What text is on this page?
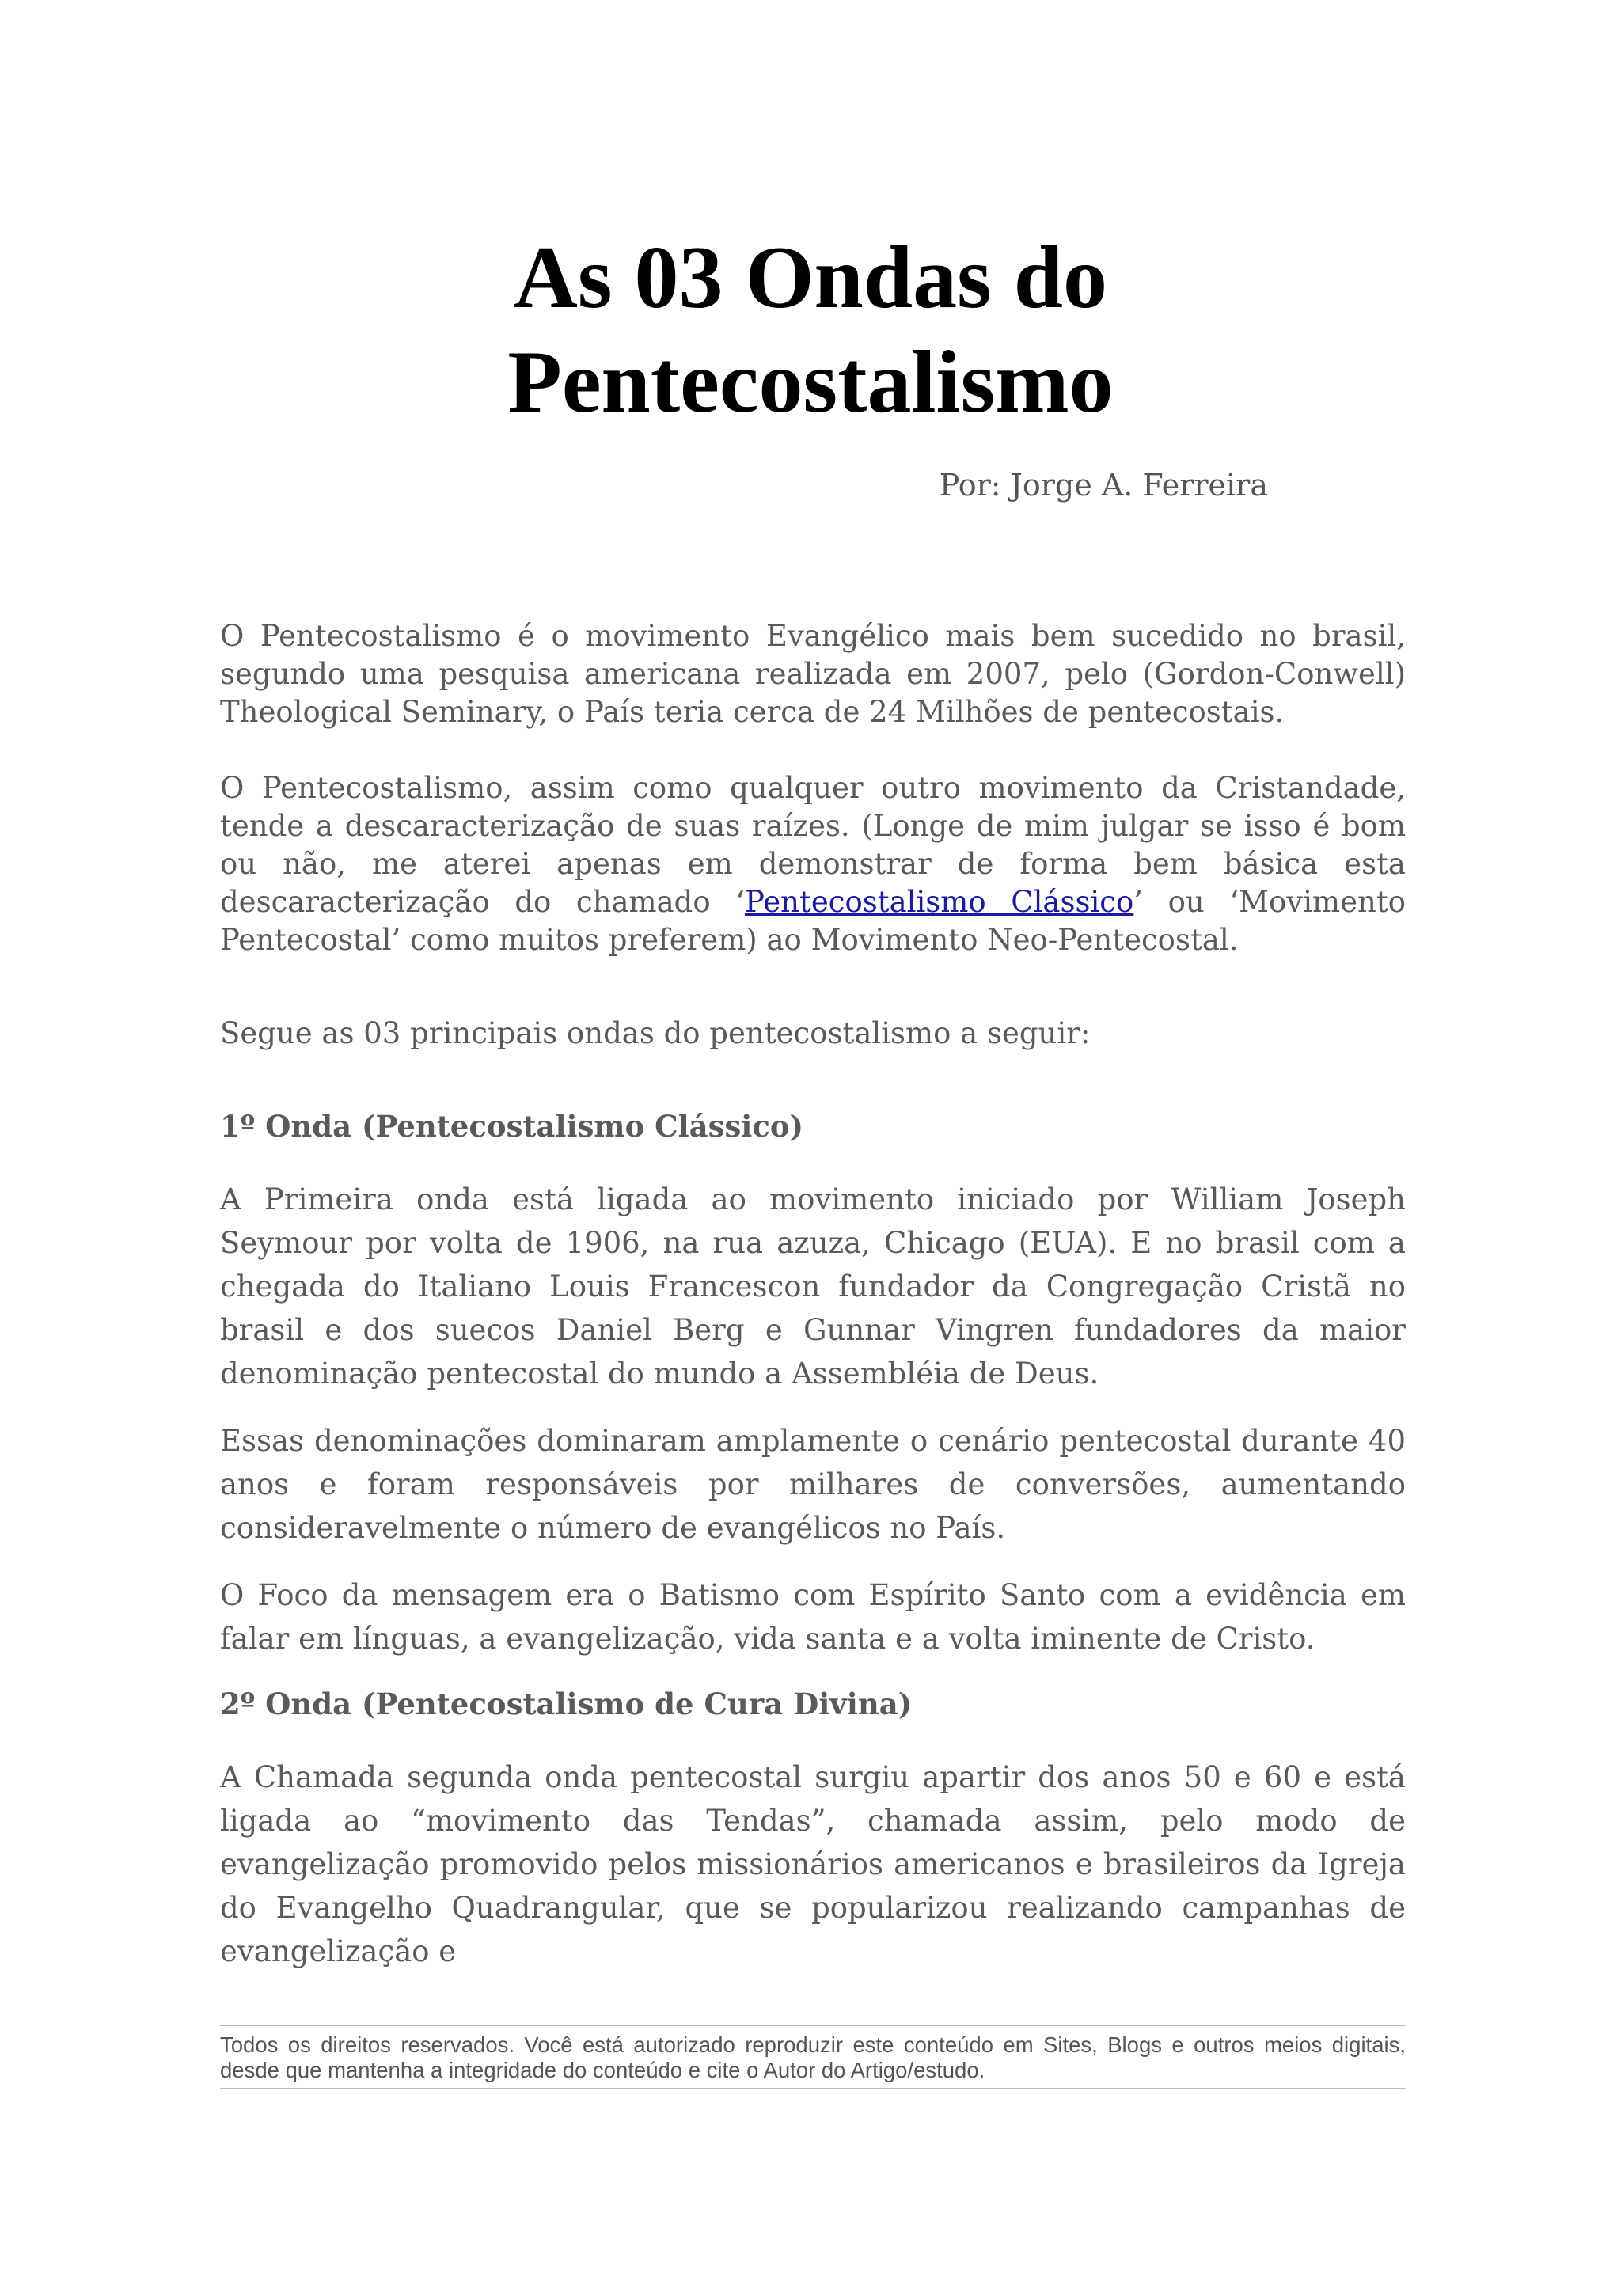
As 03 Ondas do
Pentecostalismo

Por: Jorge A. Ferreira

O Pentecostalismo é o movimento Evangélico mais bem sucedido no brasil, segundo uma pesquisa americana realizada em 2007, pelo (Gordon-Conwell) Theological Seminary, o País teria cerca de 24 Milhões de pentecostais.

O Pentecostalismo, assim como qualquer outro movimento da Cristandade, tende a descaracterização de suas raízes. (Longe de mim julgar se isso é bom ou não, me aterei apenas em demonstrar de forma bem básica esta descaracterização do chamado ‘Pentecostalismo Clássico’ ou ‘Movimento Pentecostal’ como muitos preferem) ao Movimento Neo-Pentecostal.

Segue as 03 principais ondas do pentecostalismo a seguir:

1º Onda (Pentecostalismo Clássico)

A Primeira onda está ligada ao movimento iniciado por William Joseph Seymour por volta de 1906, na rua azuza, Chicago (EUA). E no brasil com a chegada do Italiano Louis Francescon fundador da Congregação Cristã no brasil e dos suecos Daniel Berg e Gunnar Vingren fundadores da maior denominação pentecostal do mundo a Assembléia de Deus.

Essas denominações dominaram amplamente o cenário pentecostal durante 40 anos e foram responsáveis por milhares de conversões, aumentando consideravelmente o número de evangélicos no País.

O Foco da mensagem era o Batismo com Espírito Santo com a evidência em falar em línguas, a evangelização, vida santa e a volta iminente de Cristo.

2º Onda (Pentecostalismo de Cura Divina)

A Chamada segunda onda pentecostal surgiu apartir dos anos 50 e 60 e está ligada ao “movimento das Tendas”, chamada assim, pelo modo de evangelização promovido pelos missionários americanos e brasileiros da Igreja do Evangelho Quadrangular, que se popularizou realizando campanhas de evangelização e

Todos os direitos reservados. Você está autorizado reproduzir este conteúdo em Sites, Blogs e outros meios digitais, desde que mantenha a integridade do conteúdo e cite o Autor do Artigo/estudo.
